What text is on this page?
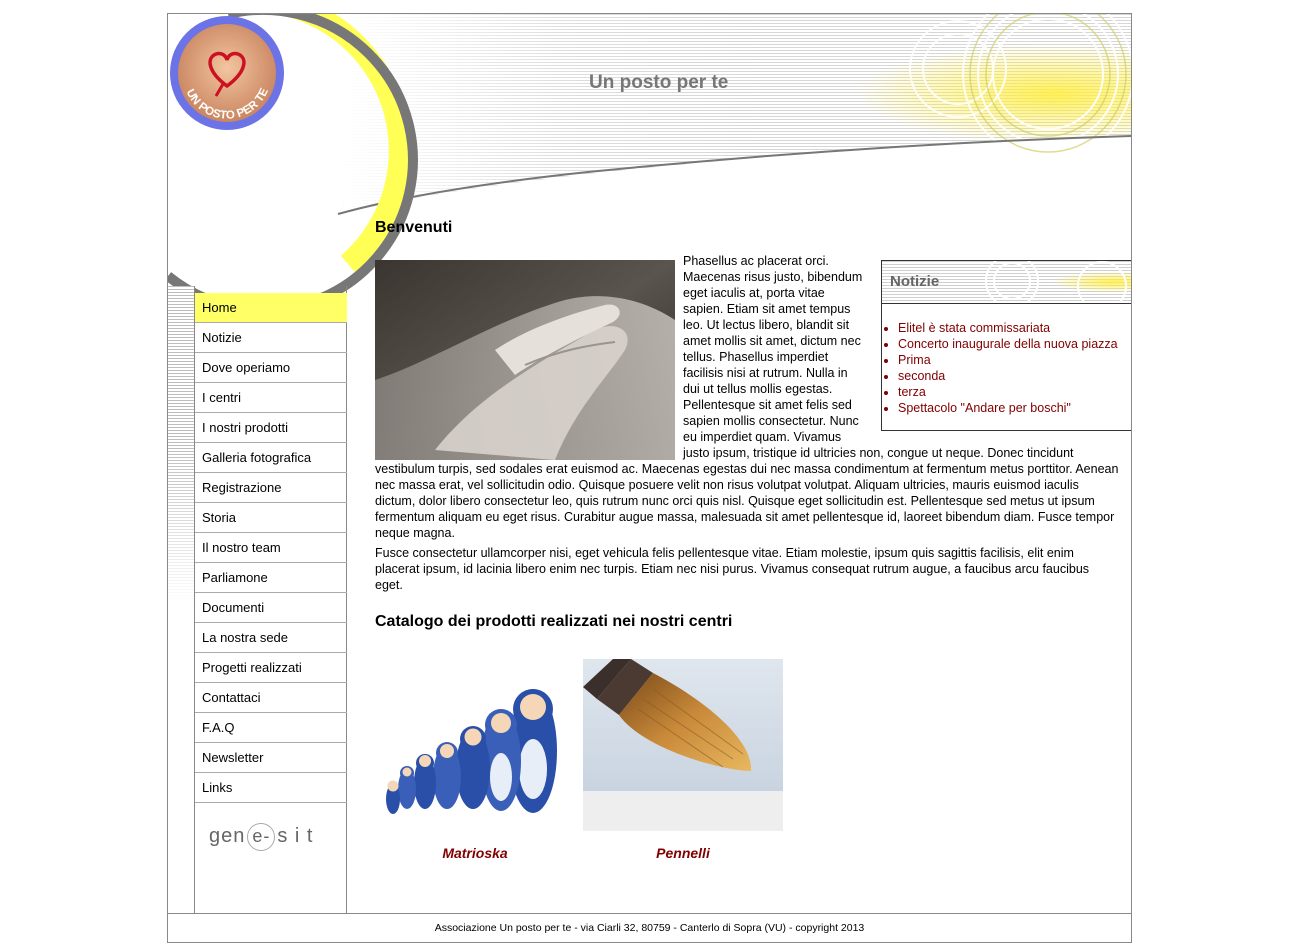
Un posto per te
UN POSTO PER TE
Home
Notizie
Dove operiamo
I centri
I nostri prodotti
Galleria fotografica
Registrazione
Storia
Il nostro team
Parliamone
Documenti
La nostra sede
Progetti realizzati
Contattaci
F.A.Q
Newsletter
Links
gen e- s i t
Benvenuti
Notizie
• Elitel è stata commissariata
• Concerto inaugurale della nuova piazza
• Prima
• seconda
• terza
• Spettacolo "Andare per boschi"

Phasellus ac placerat orci. Maecenas risus justo, bibendum eget iaculis at, porta vitae sapien. Etiam sit amet tempus leo. Ut lectus libero, blandit sit amet mollis sit amet, dictum nec tellus. Phasellus imperdiet facilisis nisi at rutrum. Nulla in dui ut tellus mollis egestas. Pellentesque sit amet felis sed sapien mollis consectetur. Nunc eu imperdiet quam. Vivamus justo ipsum, tristique id ultricies non, congue ut neque. Donec tincidunt vestibulum turpis, sed sodales erat euismod ac. Maecenas egestas dui nec massa condimentum at fermentum metus porttitor. Aenean nec massa erat, vel sollicitudin odio. Quisque posuere velit non risus volutpat volutpat. Aliquam ultricies, mauris euismod iaculis dictum, dolor libero consectetur leo, quis rutrum nunc orci quis nisl. Quisque eget sollicitudin est. Pellentesque sed metus ut ipsum fermentum aliquam eu eget risus. Curabitur augue massa, malesuada sit amet pellentesque id, laoreet bibendum diam. Fusce tempor neque magna.

Fusce consectetur ullamcorper nisi, eget vehicula felis pellentesque vitae. Etiam molestie, ipsum quis sagittis facilisis, elit enim placerat ipsum, id lacinia libero enim nec turpis. Etiam nec nisi purus. Vivamus consequat rutrum augue, a faucibus arcu faucibus eget.

Catalogo dei prodotti realizzati nei nostri centri
Matrioska	Pennelli
Associazione Un posto per te - via Ciarli 32, 80759 - Canterlo di Sopra (VU) - copyright 2013
